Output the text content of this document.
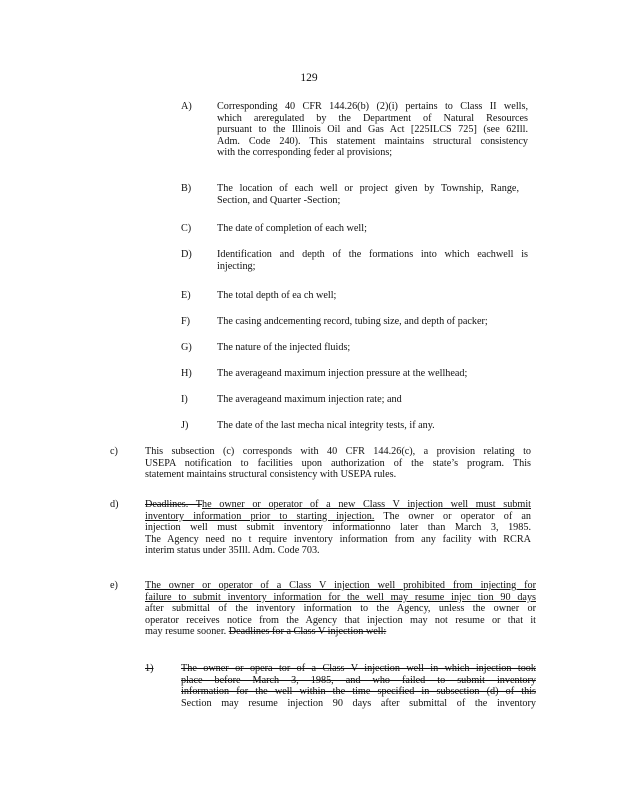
129
A) Corresponding 40 CFR 144.26(b) (2)(i) pertains to Class II wells,
which areregulated by the Department of Natural Resources
pursuant to the Illinois Oil and Gas Act [225ILCS 725] (see 62Ill.
Adm. Code 240). This statement maintains structural consistency
with the corresponding feder al provisions;
B)	The location of each well or project given by Township, Range,
Section, and Quarter -Section;
C)	The date of completion of each well;
D) Identification and depth of the formations into which eachwell is
injecting;
E)	The total depth of ea ch well;
F)	The casing andcementing record, tubing size, and depth of packer;
G) The nature of the injected fluids;
H) The averageand maximum injection pressure at the wellhead;
I)	The averageand maximum injection rate; and
J)	The date of the last mecha nical integrity tests, if any.
c)	This subsection (c) corresponds with 40 CFR 144.26(c), a provision relating to
USEPA notification to facilities upon authorization of the state’s program. This
statement maintains structural consistency with USEPA rules.
d)	Deadlines. The owner or operator of a new Class V injection well must submit
inventory information prior to starting injection. The owner or operator of an
injection well must submit inventory informationno later than March 3, 1985.
The Agency need no t require inventory information from any facility with RCRA
interim status under 35Ill. Adm. Code 703.
e)	The owner or operator of a Class V injection well prohibited from injecting for
failure to submit inventory information for the well may resume injec tion 90 days
after submittal of the inventory information to the Agency, unless the owner or
operator receives notice from the Agency that injection may not resume or that it
may resume sooner. Deadlines for a Class V injection well:
1)	The owner or opera tor of a Class V injection well in which injection took
place before March 3, 1985, and who failed to submit inventory
information for the well within the time specified in subsection (d) of this
Section may resume injection 90 days after submittal of the inventory
